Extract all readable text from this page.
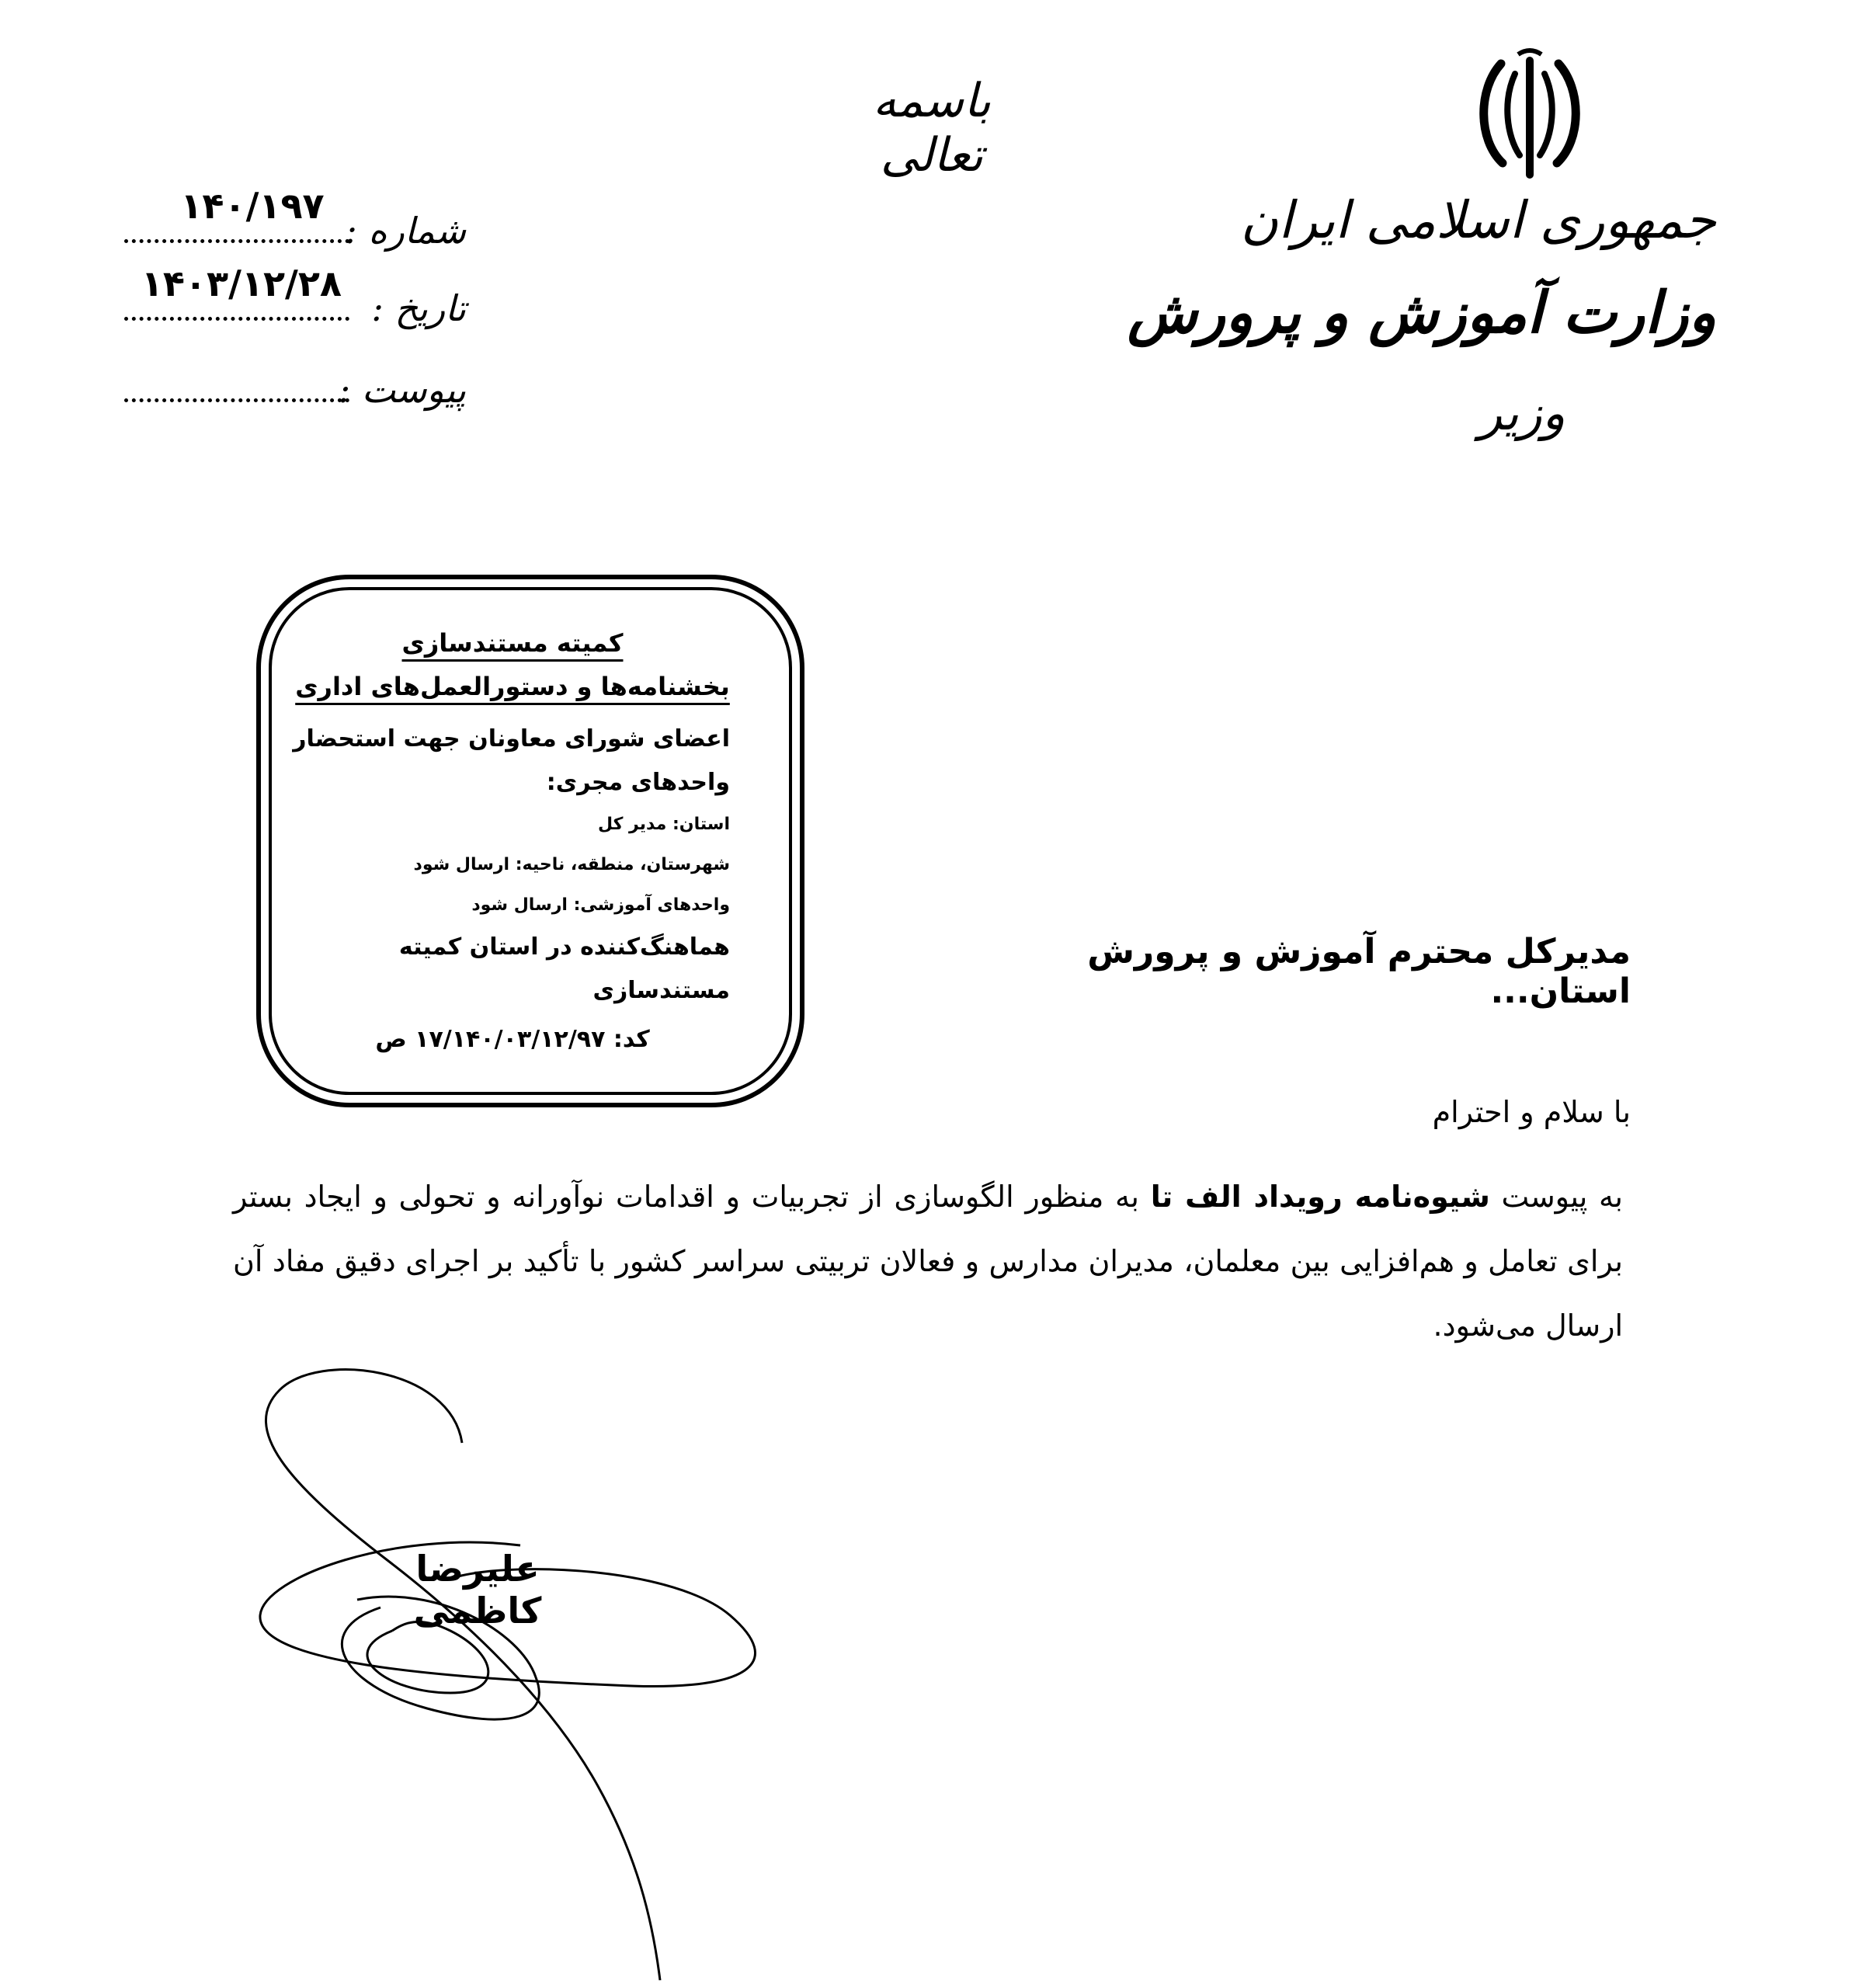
جمهوری اسلامی ایران
وزارت آموزش و پرورش
وزیر
باسمه تعالی
شماره :
۱۴۰/۱۹۷
تاریخ :
۱۴۰۳/۱۲/۲۸
پیوست :
کمیته مستندسازی
بخشنامه‌ها و دستورالعمل‌های اداری
اعضای شورای معاونان جهت استحضار
واحدهای مجری:
استان: مدیر کل
شهرستان، منطقه، ناحیه: ارسال شود
واحدهای آموزشی: ارسال شود
هماهنگ‌کننده در استان کمیته مستندسازی
کد: ۱۷/۱۴۰/۰۳/۱۲/۹۷ ص
مدیرکل محترم آموزش و پرورش استان...
با سلام و احترام
به پیوست شیوه‌نامه رویداد الف تا به منظور الگوسازی از تجربیات و اقدامات نوآورانه و تحولی و ایجاد بستر برای تعامل و هم‌افزایی بین معلمان، مدیران مدارس و فعالان تربیتی سراسر کشور با تأکید بر اجرای دقیق مفاد آن ارسال می‌شود.
علیرضا کاظمی
